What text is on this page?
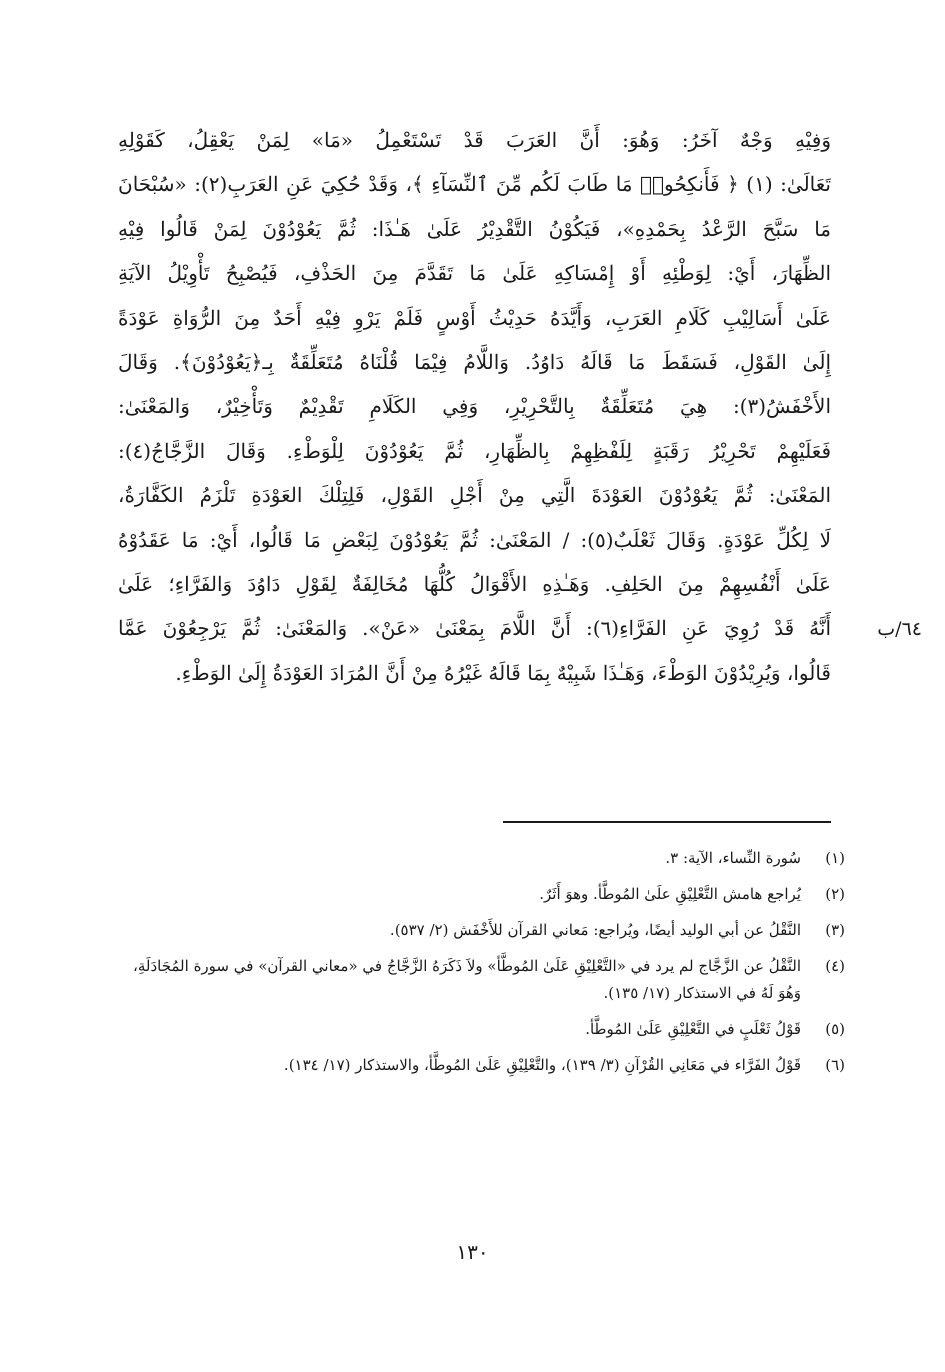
وَفِيْهِ وَجْهٌ آخَرُ: وَهُوَ: أَنَّ العَرَبَ قَدْ تَسْتَعْمِلُ «مَا» لِمَنْ يَعْقِلُ، كَقَوْلِهِ
تَعَالَىٰ: (١) ﴿ فَأَنكِحُوا۟ مَا طَابَ لَكُم مِّنَ ٱلنِّسَآءِ ﴾، وَقَدْ حُكِيَ عَنِ العَرَبِ(٢): «سُبْحَانَ
مَا سَبَّحَ الرَّعْدُ بِحَمْدِهِ»، فَيَكُوْنُ التَّقْدِيْرُ عَلَىٰ هَـٰذَا: ثُمَّ يَعُوْدُوْنَ لِمَنْ قَالُوا فِيْهِ
الظِّهَارَ، أَيْ: لِوَطْئِهِ أَوْ إِمْسَاكِهِ عَلَىٰ مَا تَقَدَّمَ مِنَ الحَذْفِ، فَيُصْبِحُ تَأْوِيْلُ الآيَةِ
عَلَىٰ أَسَالِيْبِ كَلَامِ العَرَبِ، وَأَيَّدَهُ حَدِيْثُ أَوْسٍ فَلَمْ يَرْوِ فِيْهِ أَحَدٌ مِنَ الرُّوَاةِ عَوْدَةً
إِلَىٰ القَوْلِ، فَسَقَطَ مَا قَالَهُ دَاوُدُ. وَاللَّامُ فِيْمَا قُلْنَاهُ مُتَعَلِّقَةٌ بِـ﴿يَعُوْدُوْنَ﴾. وَقَالَ
الأَخْفَشُ(٣): هِيَ مُتَعَلِّقَةٌ بِالتَّحْرِيْرِ، وَفِي الكَلَامِ تَقْدِيْمٌ وَتَأْخِيْرٌ، وَالمَعْنَىٰ:
فَعَلَيْهِمْ تَحْرِيْرُ رَقَبَةٍ لِلَفْظِهِمْ بِالظِّهَارِ، ثُمَّ يَعُوْدُوْنَ لِلْوَطْءِ. وَقَالَ الزَّجَّاجُ(٤):
المَعْنَىٰ: ثُمَّ يَعُوْدُوْنَ العَوْدَةَ الَّتِي مِنْ أَجْلِ القَوْلِ، فَلِتِلْكَ العَوْدَةِ تَلْزَمُ الكَفَّارَةُ،
لَا لِكُلِّ عَوْدَةٍ. وَقَالَ ثَعْلَبٌ(٥): / المَعْنَىٰ: ثُمَّ يَعُوْدُوْنَ لِبَعْضِ مَا قَالُوا، أَيْ: مَا عَقَدُوْهُ
عَلَىٰ أَنْفُسِهِمْ مِنَ الحَلِفِ. وَهَـٰذِهِ الأَقْوَالُ كُلُّهَا مُخَالِفَةٌ لِقَوْلِ دَاوُدَ وَالفَرَّاءِ؛ عَلَىٰ
أَنَّهُ قَدْ رُوِيَ عَنِ الفَرَّاءِ(٦): أَنَّ اللَّامَ بِمَعْنَىٰ «عَنْ». وَالمَعْنَىٰ: ثُمَّ يَرْجِعُوْنَ عَمَّا
قَالُوا، وَيُرِيْدُوْنَ الوَطْءَ، وَهَـٰذَا شَبِيْهٌ بِمَا قَالَهُ غَيْرُهُ مِنْ أَنَّ المُرَادَ العَوْدَةُ إِلَىٰ الوَطْءِ.
٦٤/ب
(١)
سُورة النِّساء، الآية: ٣.
(٢)
يُراجع هامش التَّعْلِيْقِ علَىٰ المُوطَّأ. وهوَ أَثَرٌ.
(٣)
النَّقْلُ عن أبي الوليد أيضًا، ويُراجع: مَعاني القرآن للأَخْفَش (٢/ ٥٣٧).
(٤)
النَّقْلُ عن الزَّجَّاج لم يرد في «التَّعْلِيْقِ عَلَىٰ المُوطَّأ» ولاَ ذَكَرَهُ الزَّجَّاجُ في «معاني القرآن» في سورة المُجَادَلَةِ، وَهُوَ لَهُ في الاستذكار (١٧/ ١٣٥).
(٥)
قَوْلُ ثَعْلَبٍ في التَّعْلِيْقِ عَلَىٰ المُوطَّأ.
(٦)
قَوْلُ الفَرَّاء في مَعَانِي القُرْآنِ (٣/ ١٣٩)، والتَّعْلِيْقِ عَلَىٰ المُوطَّأ، والاستذكار (١٧/ ١٣٤).
١٣٠
